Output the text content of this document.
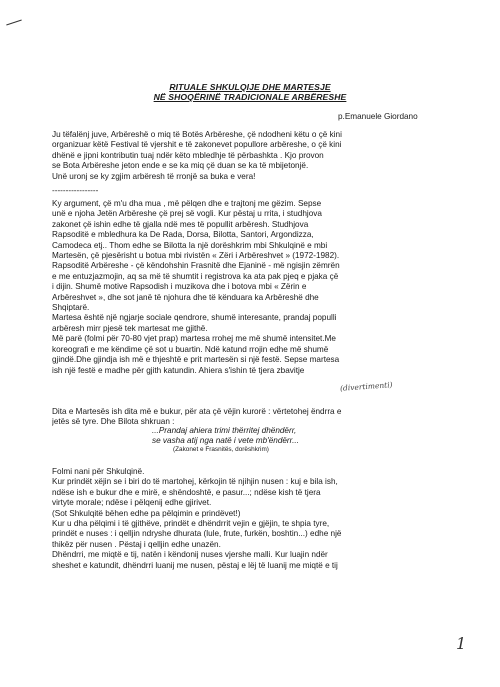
RITUALE SHKULQIJE DHE MARTESJE
NË SHOQËRINË TRADICIONALE ARBËRESHE
p.Emanuele Giordano
Ju tëfalënj juve, Arbëreshë o miq të Botës Arbëreshe, çë ndodheni këtu o çë kini
organizuar këtë Festival të vjershit e të zakonevet popullore arbëreshe, o çë kini
dhënë e jipni kontributin tuaj ndër këto mbledhje të përbashkta . Kjo provon
se Bota Arbëreshe jeton ende e se ka miq çë duan se ka të mbijetonjë.
Unë uronj se ky zgjim arbëresh të rronjë sa buka e vera!
-----------------
Ky argument, çë m'u dha mua , më pëlqen dhe e trajtonj me gëzim. Sepse
unë e njoha Jetën Arbëreshe çë prej së vogli. Kur pëstaj u rrita, i studhjova
zakonet çë ishin edhe të gjalla ndë mes të popullit arbëresh. Studhjova
Rapsoditë e mbledhura ka De Rada, Dorsa, Bilotta, Santori, Argondizza,
Camodeca etj.. Thom edhe se Bilotta la një dorëshkrim mbi Shkulqinë e mbi
Martesën, çë pjesërisht u botua mbi rivistën « Zëri i Arbëreshvet » (1972-1982).
Rapsoditë Arbëreshe - çë këndohshin Frasnitë dhe Ejaninë - më ngisjin zëmrën
e me entuzjazmojin, aq sa më të shumtit i registrova ka ata pak pjeq e pjaka çë
i dijin. Shumë motive Rapsodish i muzikova dhe i botova mbi « Zërin e
Arbëreshvet », dhe sot janë të njohura dhe të kënduara ka Arbëreshë dhe
Shqiptarë.
Martesa është një ngjarje sociale qendrore, shumë interesante, prandaj populli
arbëresh mirr pjesë tek martesat me gjithë.
Më parë (folmi për 70-80 vjet prap) martesa rrohej me më shumë intensitet.Me
koreografi e me këndime çë sot u buartin. Ndë katund rrojin edhe më shumë
gjindë.Dhe gjindja ish më e thjeshtë e prit martesën si një festë. Sepse martesa
ish një festë e madhe për gjith katundin. Ahiera s'ishin të tjera zbavitje
(divertimenti)
Dita e Martesës ish dita më e bukur, për ata çë vëjin kurorë : vërtetohej ëndrra e
jetës së tyre. Dhe Bilota shkruan :
...Prandaj ahiera trimi thërritej dhëndërr,
se vasha atij nga natë i vete mb'ëndërr...
(Zakonet e Frasnitës, dorëshkrim)
Folmi nani për Shkulqinë.
Kur prindët xëjin se i biri do të martohej, kërkojin të njihjin nusen : kuj e bila ish,
ndëse ish e bukur dhe e mirë, e shëndoshtë, e pasur...; ndëse kish të tjera
virtyte morale; ndëse i pëlqenij edhe gjirivet.
(Sot Shkulqitë bëhen edhe pa pëlqimin e prindëvet!)
Kur u dha pëlqimi i të gjithëve, prindët e dhëndrrit vejin e gjëjin, te shpia tyre,
prindët e nuses : i qelljin ndryshe dhurata (lule, frute, furkën, boshtin...) edhe një
thikëz për nusen . Pëstaj i qelljin edhe unazën.
Dhëndrri, me miqtë e tij, natën i këndonij nuses vjershe malli. Kur luajin ndër
sheshet e katundit, dhëndrri luanij me nusen, pëstaj e lëj të luanij me miqtë e tij
1
